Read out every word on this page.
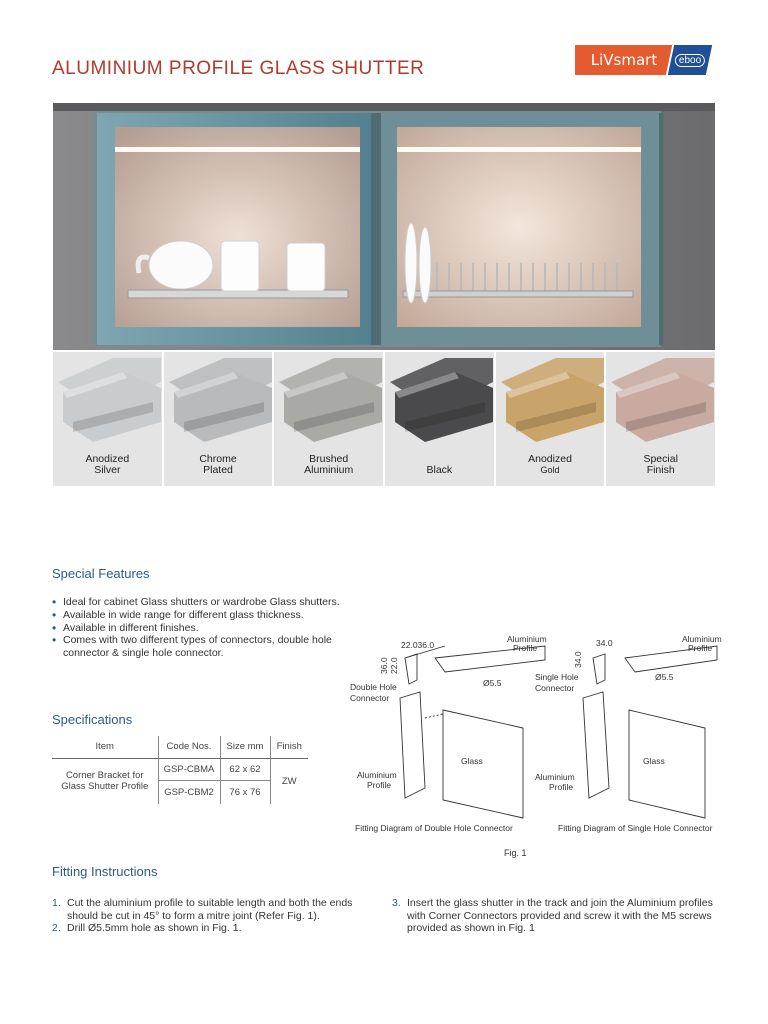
ALUMINIUM PROFILE GLASS SHUTTER	LiVsmart	eboo
Anodized
Silver
Chrome
Plated
Brushed
Aluminium	Black
Anodized
Gold
Special
Finish
Special Features
• Ideal for cabinet Glass shutters or wardrobe Glass shutters.
• Available in wide range for different glass thickness.
• Available in different finishes.
• Comes with two different types of connectors, double hole connector & single hole connector.
Specifications
Item	Code Nos.	Size mm	Finish
Corner Bracket for Glass Shutter Profile	GSP-CBMA	62 x 62	ZW
	GSP-CBM2	76 x 76	
22.036.0
36.0 22.0
Double Hole
Connector
Aluminium
Profile
Ø5.5
Glass
Aluminium
Profile
Fitting Diagram of Double Hole Connector
34.0
34.0
Single Hole
Connector
Aluminium
Profile
Ø5.5
Glass
Aluminium
Profile
Fitting Diagram of Single Hole Connector
Fig. 1
Fitting Instructions
1. Cut the aluminium profile to suitable length and both the ends should be cut in 45° to form a mitre joint (Refer Fig. 1).
2. Drill Ø5.5mm hole as shown in Fig. 1.
3. Insert the glass shutter in the track and join the Aluminium profiles with Corner Connectors provided and screw it with the M5 screws provided as shown in Fig. 1
